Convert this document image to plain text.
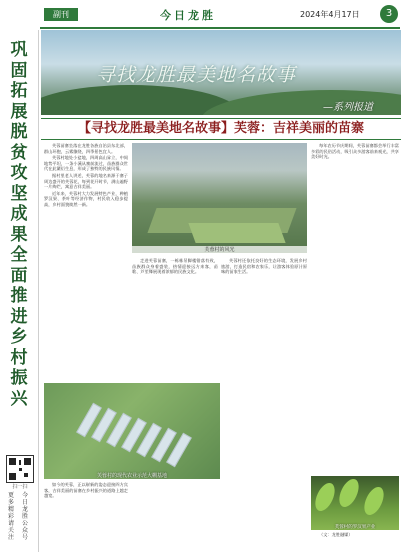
副刊	今日龙胜	2024年4月17日	3
巩固拓展脱贫攻坚成果
全面推进乡村振兴
扫一扫
更多精彩请关注
今日龙胜公众号
寻找龙胜最美地名故事
—系列报道
【寻找龙胜最美地名故事】芙蓉：吉祥美丽的苗寨

芙蓉苗寨坐落在龙胜各族自治县东北部，群山环抱，云雾缭绕，四季景色宜人。

芙蓉村地处小盆地，四周高山耸立，中间地势平坦，一条小溪从寨前流过，苗族群众世代在此繁衍生息，形成了独特的民族风情。

据村里老人讲述，芙蓉的地名来源于寨子周边盛开的芙蓉花，每到花开时节，满山遍野一片绚烂，寓意吉祥美丽。

近年来，芙蓉村大力发展特色产业，种植罗汉果、茶叶等经济作物，村民收入稳步提高，乡村面貌焕然一新。

芙蓉村的风光

走进芙蓉苗寨，一栋栋吊脚楼错落有致，苗族群众身着盛装，热情迎接远方来客，苗歌、芦笙舞展现着浓郁的民族文化。

芙蓉村还依托良好的生态环境，发展乡村旅游，打造民宿和农家乐，让游客体验原汁原味的苗家生活。

每年农历节庆期间，芙蓉苗寨都会举行丰富多彩的民俗活动，吸引众多游客前来观光，共享美好时光。

芙蓉村的现代农业示范大棚基地

如今的芙蓉，正以崭新的姿态迎接四方宾客，吉祥美丽的苗寨在乡村振兴的道路上越走越宽。

芙蓉村的罗汉果产业

（文：龙胜融媒）
